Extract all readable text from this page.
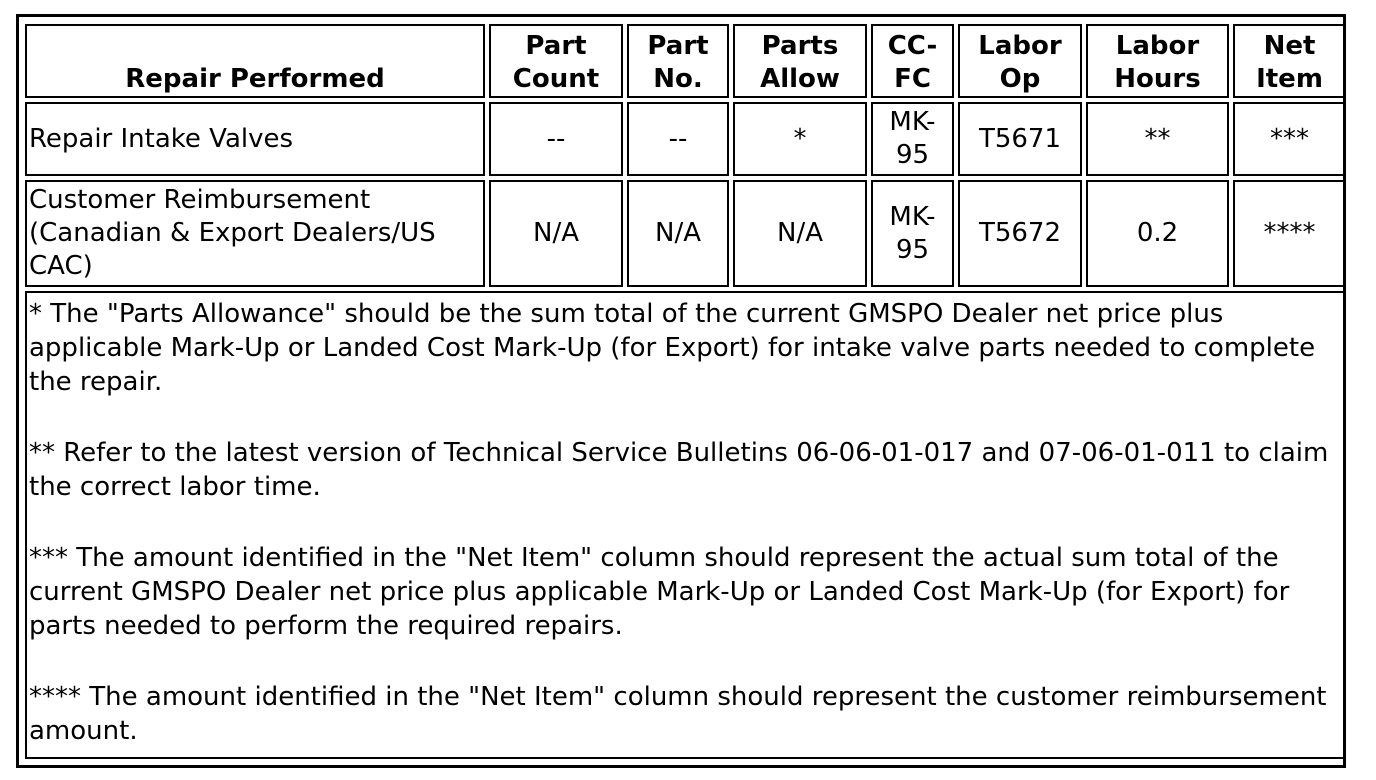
Repair Performed	Part Count	Part No.	Parts Allow	CC-FC	Labor Op	Labor Hours	Net Item
Repair Intake Valves	--	--	*	MK-95	T5671	**	***
Customer Reimbursement (Canadian & Export Dealers/US CAC)	N/A	N/A	N/A	MK-95	T5672	0.2	****

* The "Parts Allowance" should be the sum total of the current GMSPO Dealer net price plus applicable Mark-Up or Landed Cost Mark-Up (for Export) for intake valve parts needed to complete the repair.

** Refer to the latest version of Technical Service Bulletins 06-06-01-017 and 07-06-01-011 to claim the correct labor time.

*** The amount identified in the "Net Item" column should represent the actual sum total of the current GMSPO Dealer net price plus applicable Mark-Up or Landed Cost Mark-Up (for Export) for parts needed to perform the required repairs.

**** The amount identified in the "Net Item" column should represent the customer reimbursement amount.							
